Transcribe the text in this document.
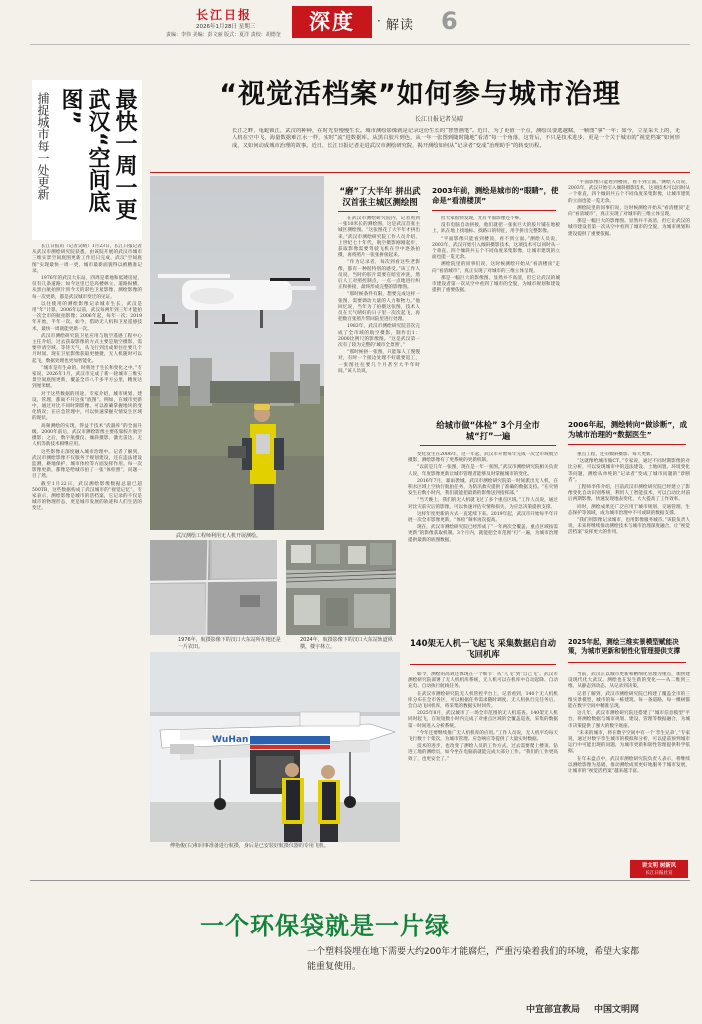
长江日报
2026年1月28日 星期三
责编：李伟 美编：彭文丽 版式：夏洋 责校：胡德奎
深度	· 解读 6
捕捉城市每一处更新	最快一周一更 武汉“空间底图”

长江日报讯（记者吴晴）1月23日，长江日报记者从武汉市测绘研究院获悉，由该院开展的武汉市城市三维实景空间底图更新工作近日完成，武汉“空间底图”实现最快一周一更，城市最新面貌得以被精准记录。

1976年的武汉大东站，四周是菜地和低矮房屋，仅有几条道路；如今这里已是高楼林立、道路纵横。从黑白航拍照片到今天的彩色卫星影像，测绘影像的每一次更新，都是武汉城市变迁的见证。

以往使用的测绘影像记录城市生长，武汉是用“年”计算。2006年以前，武汉每两年到三年才能拍一次全市的航拍影像；2006年起，每年一次；2019年开始，半年一次。如今，借助无人机和卫星遥感技术，最快一周就能更新一次。

武汉市测绘研究院卫星应用与航空遥感工程中心主任介绍，过去获取影像的方式主要是航空摄影，需要申请空域、等待天气，从飞行到出成果往往要几个月时间。现在卫星影像获取更便捷，无人机随时可以起飞，数据处理也更加智能化。

“城市是有生命的，时刻处于生长和变化之中。”专家说，2026年1月，武汉市完成了新一轮城市三维实景空间底图更新，覆盖全市八千多平方公里，精度达到厘米级。

对于这些数据的用途，专家介绍，城市规划、建设、管理，都离不开这张“底图”。例如，在城市更新中，通过对比不同时期影像，可以准确掌握地块的变化情况；在应急管理中，可以快速掌握灾情发生区域的现状。

高频测绘的实现，得益于技术“武器库”的全面升级。2000年前后，武汉市测绘影像主要依靠胶片航空摄影；之后，数字航摄仪、倾斜摄影、激光雷达、无人机等新技术相继应用。

这些影像正深度融入城市治理中。记者了解到，武汉市测绘影像不仅服务于规划建设，还在违法建设监测、耕地保护、城市体检等方面发挥作用。每一次影像更新，都像是给城市拍了一张“体检照”，问题一目了然。

截至1月22日，武汉测绘影像数据总量已超500TB，这些数据构成了武汉城市的“视觉记忆”。专家表示，测绘影像是城市的活档案，它记录的不仅是城市的物理形态，更是城市发展的轨迹和人们生活的变迁。

“视觉活档案”如何参与城市治理
长江日报记者吴晴
长江之畔，龟蛇锁江，武汉的种种，在时光里慢慢生长。城市测绘影像就是记录这份生长的“智慧画笔”。近日，为了更值一个点，测绘员要逃越赋，一帧图“拿”一年；如今，立星采天上的，无人机在空中飞，海量数据难江水一样，实时“流”进数据库。从黑白胶片到色，从一年一张图到随时随地“看清”每一个角落，这背后，不只是技术进步，更是一个关于城市的“视觉档案”如何形成，又如何动成城市治理的故事。近日，长江日报记者走进武汉市测绘研究院，揭开测绘如何从“记录者”变成“治理助手”的转变历程。
武汉测绘工程师利用无人机开展测绘。
1976年，航摄影像下的汉口大东站所在地还是一片农田。
2024年，航摄影像下的汉口大东站轨道纵横，楼宇林立。
“磨”了大半年 拼出武汉首张主城区测绘图

在武汉市测绘研究院内，记者看到一张10米长的测绘图，这是武汉首张主城区测绘图。“这张图花了大半年才拼出来。”武汉市测绘研究院工作人员介绍，上世纪七十年代，航空摄影刚刚起步，获取影像需要驾驶飞机在空中逐条拍摄，再将照片一张张拼接起来。

“作为记录者，每次到看这些老影像，都有一种很特别的感受。”该工作人员说，当时的胶片需要在暗室冲洗，然后人工对照控制点，一点一点地进行纠正和拼接，最终形成完整的影像图。

“那时候条件有限，想要完成这样一张图，需要调动大量的人力和物力。”他回忆说，当年为了拍摄这张图，技术人员在天气晴好的日子里一次次起飞，再把数百张照片带回院里进行处理。

1983年，武汉市测绘研究院首次完成了全市域的航空摄影，制作出1：2000比例尺的影像图。“这是武汉第一次有了较为完整的‘城市全景照’。”

“那时候拼一张图，只能靠人工慢慢对，有时一个接边处理不好就要返工，一张图往往要几个月甚至大半年时间。”该人员说。

2003年前，测绘是城市的“眼睛”，使命是“看清楼顶”

但大家很快发现，光有平面影像还不够。

没有电脑自动拼接，他们就把一张张巨大的胶片铺在地板上，趴在地上找地标、找路口的特征，用手拼出完整影像。

“平面影像只能看到楼顶，看不到立面。”测绘人员说，2003年，武汉开始引入倾斜摄影技术，这项技术可以同时从一个垂直、四个倾斜共五个不同角度采集影像，让城市建筑的立面也能一览无余。

测绘院里的同事们说，这时候测绘开始从“看清楼顶”走向“看清城市”，真正实现了对城市的三维立体呈现。

那是一幅巨大的影像图。显然并不高清，但它让武汉的城市建设者第一次从空中看到了城市的全貌，为城市规划和建设提供了重要依据。

“平面影像只能看到楼顶，看不到立面。”测绘人员说，2003年，武汉开始引入倾斜摄影技术，这项技术可以同时从一个垂直、四个倾斜共五个不同角度采集影像，让城市建筑的立面也能一览无余。

测绘院里的同事们说，这时候测绘开始从“看清楼顶”走向“看清城市”，真正实现了对城市的三维立体呈现。

那是一幅巨大的影像图。显然并不高清，但它让武汉的城市建设者第一次从空中看到了城市的全貌，为城市规划和建设提供了重要依据。

给城市做“体检” 3个月全市城“打”一遍

变化发生在2006年，这一年起，武汉市开始每年完成一次全市域航空摄影，测绘影像有了更系统的更新机制。

“以前是几年一张图，现在是一年一张图。”武汉市测绘研究院相关负责人说，年度影像更新让城市管理者能够及时掌握城市的变化。

2016年7月，暴雨袭城。武汉市测绘研究院第一时间派出无人机，在积水区域上空执行航拍任务，为防汛救灾提供了准确的数据支持。“在灾情发生后数小时内，我们就能把最新的影像送到指挥部。”

“当天晚上，我们的无人机就飞过了多个重点区域。”工作人员说，通过对比灾前灾后的影像，可以快速评估灾情和损失，为应急决策提供支撑。

这样年度更新的方式一直延续下来。2019年起，武汉市开始每半年开展一次全市影像更新，“体检”频率再次提高。

现在，武汉市测绘研究院已经形成了“一年两次全覆盖、重点区域按需更新”的影像获取机制。3个月内，就能把全市范围“打”一遍，为城市治理提供最新的底图数据。

2006年起，测绘转向“做诊断”，成为城市治理的“数据医生”

重点工程，还有倾斜摄影、每天更新。

“这就像给城市做CT。”专家说，通过不同时期影像的对比分析，可以发现城市中的违法建设、土地闲置、环境变化等问题，测绘从单纯的“记录者”变成了城市问题的“诊断者”。

工程师李伟介绍，目前武汉市测绘研究院已经建立了影像变化自动识别系统，利用人工智能技术，可以自动比对前后两期影像，快速发现地表变化，大大提高了工作效率。

同时，测绘成果还广泛应用于城市规划、交通管理、生态保护等领域，成为城市治理中不可或缺的数据支撑。

“我们用影像记录城市，也用影像服务城市。”该院负责人说，未来将继续推动测绘技术与城市治理深度融合，让“视觉活档案”发挥更大的作用。

WuHan
傅艳俊(右)和同事准备进行航摄，身后是已安装好航摄仪器的专用飞机。
140架无人机一飞起飞 采集数据启自动飞回机库

如今，测绘的高效还体现在一个细节：从“人飞”到“自己飞”。武汉市测绘研究院部署了无人机机库系统，无人机可以在机库中自动起降、自动充电、自动执行航线任务。

在武汉市测绘研究院无人机管控平台上，记者看到，140个无人机机库分布在全市各区，可以根据任务需求随时调度。无人机执行完任务后，会自动飞回机库，将采集的数据实时回传。

2025年8月，武汉城市了一场全市范围的无人机巡查。140架无人机同时起飞，在短短数小时内完成了对重点区域的全覆盖巡查，采集的数据第一时间进入分析系统。

“今年还要继续推广无人机机库的应用。”工作人员说，无人机平均每天飞行数十个架次，为城市管理、应急响应等提供了大量实时数据。

技术的进步，也改变了测绘人员的工作方式。过去需要爬上楼顶、钻进工地的测绘员，如今坐在电脑前就能完成大部分工作。“我们的工作更高效了，也更安全了。”

2025年起，测绘三维实景模型赋能决策，为城市更新和韧性化管理提供支撑

当前，武汉正以城市更新和精细化管理为重点，加快建设现代化大武汉。测绘也在发生新的变化——从二维到三维、从静态到动态、从记录到决策。

记者了解到，武汉市测绘研究院已构建了覆盖全市的三维实景模型，城市的每一栋建筑、每一条道路、每一棵树都能在数字空间中精准呈现。

这几年，武汉市测绘研究院还搭建了“城市信息模型”平台，将测绘数据与城市规划、建设、管理等数据融合，为城市决策提供了强大的数字底座。

“未来的城市，将在数字空间中有一个‘孪生兄弟’。”专家说，通过对数字孪生城市的模拟和分析，可以提前预判城市运行中可能出现的问题，为城市更新和韧性管理提供科学依据。

在年末盘点中，武汉市测绘研究院负责人表示，将继续以测绘影像为基础，推动测绘成果更好地服务于城市发展，让城市的“视觉活档案”越来越丰富。

讲文明 树新风
长江日报社宣
一个环保袋就是一片绿
一个塑料袋埋在地下需要大约200年才能腐烂，严重污染着我们的环境，希望大家都能重复使用。
中宣部宣教局 中国文明网
